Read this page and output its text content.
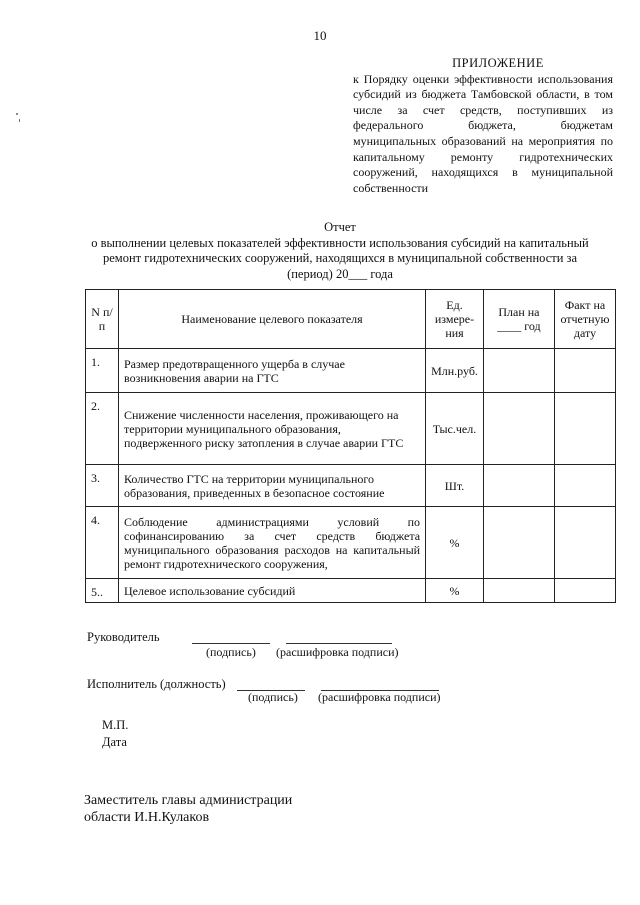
10
ПРИЛОЖЕНИЕ
к Порядку оценки эффективности использования субсидий из бюджета Тамбовской области, в том числе за счет средств, поступивших из федерального бюджета, бюджетам муниципальных образований на мероприятия по капитальному ремонту гидротехнических сооружений, находящихся в муниципальной собственности
Отчет
о выполнении целевых показателей эффективности использования субсидий на капитальный
ремонт гидротехнических сооружений, находящихся в муниципальной собственности за
(период) 20___ года
N п/п	Наименование целевого показателя	Ед. измере-ния	План на ____ год	Факт на отчетную дату
1.	Размер предотвращенного ущерба в случае возникновения аварии на ГТС	Млн.руб.		
2.	Снижение численности населения, проживающего на территории муниципального образования, подверженного риску затопления в случае аварии ГТС	Тыс.чел.		
3.	Количество ГТС на территории муниципального образования, приведенных в безопасное состояние	Шт.		
4.	Соблюдение администрациями условий по софинансированию за счет средств бюджета муниципального образования расходов на капитальный ремонт гидротехнического сооружения,	%		
5..	Целевое использование субсидий	%		
Руководитель
(подпись) (расшифровка подписи)
Исполнитель (должность)
(подпись) (расшифровка подписи)
М.П.
Дата
Заместитель главы администрации
области И.Н.Кулаков
